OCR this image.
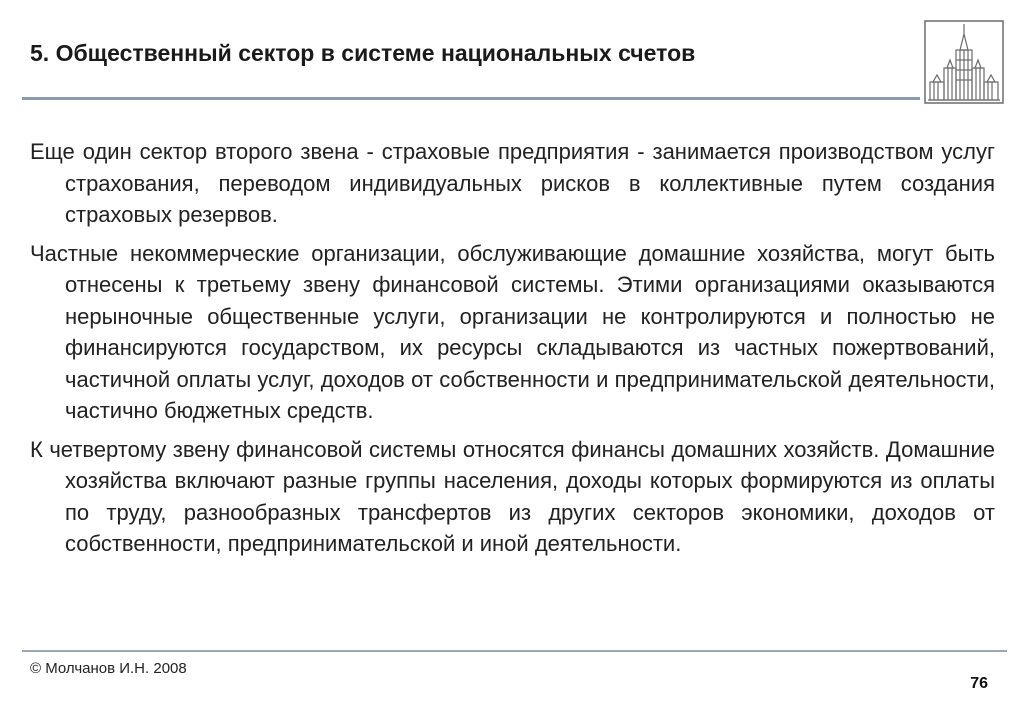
5. Общественный сектор в системе национальных счетов

Еще один сектор второго звена - страховые предприятия - занимается производством услуг страхования, переводом индивидуальных рисков в коллективные путем создания страховых резервов.

Частные некоммерческие организации, обслуживающие домашние хозяйства, могут быть отнесены к третьему звену финансовой системы. Этими организациями оказываются нерыночные общественные услуги, организации не контролируются и полностью не финансируются государством, их ресурсы складываются из частных пожертвований, частичной оплаты услуг, доходов от собственности и предпринимательской деятельности, частично бюджетных средств.

К четвертому звену финансовой системы относятся финансы домашних хозяйств. Домашние хозяйства включают разные группы населения, доходы которых формируются из оплаты по труду, разнообразных трансфертов из других секторов экономики, доходов от собственности, предпринимательской и иной деятельности.

© Молчанов И.Н. 2008
76
